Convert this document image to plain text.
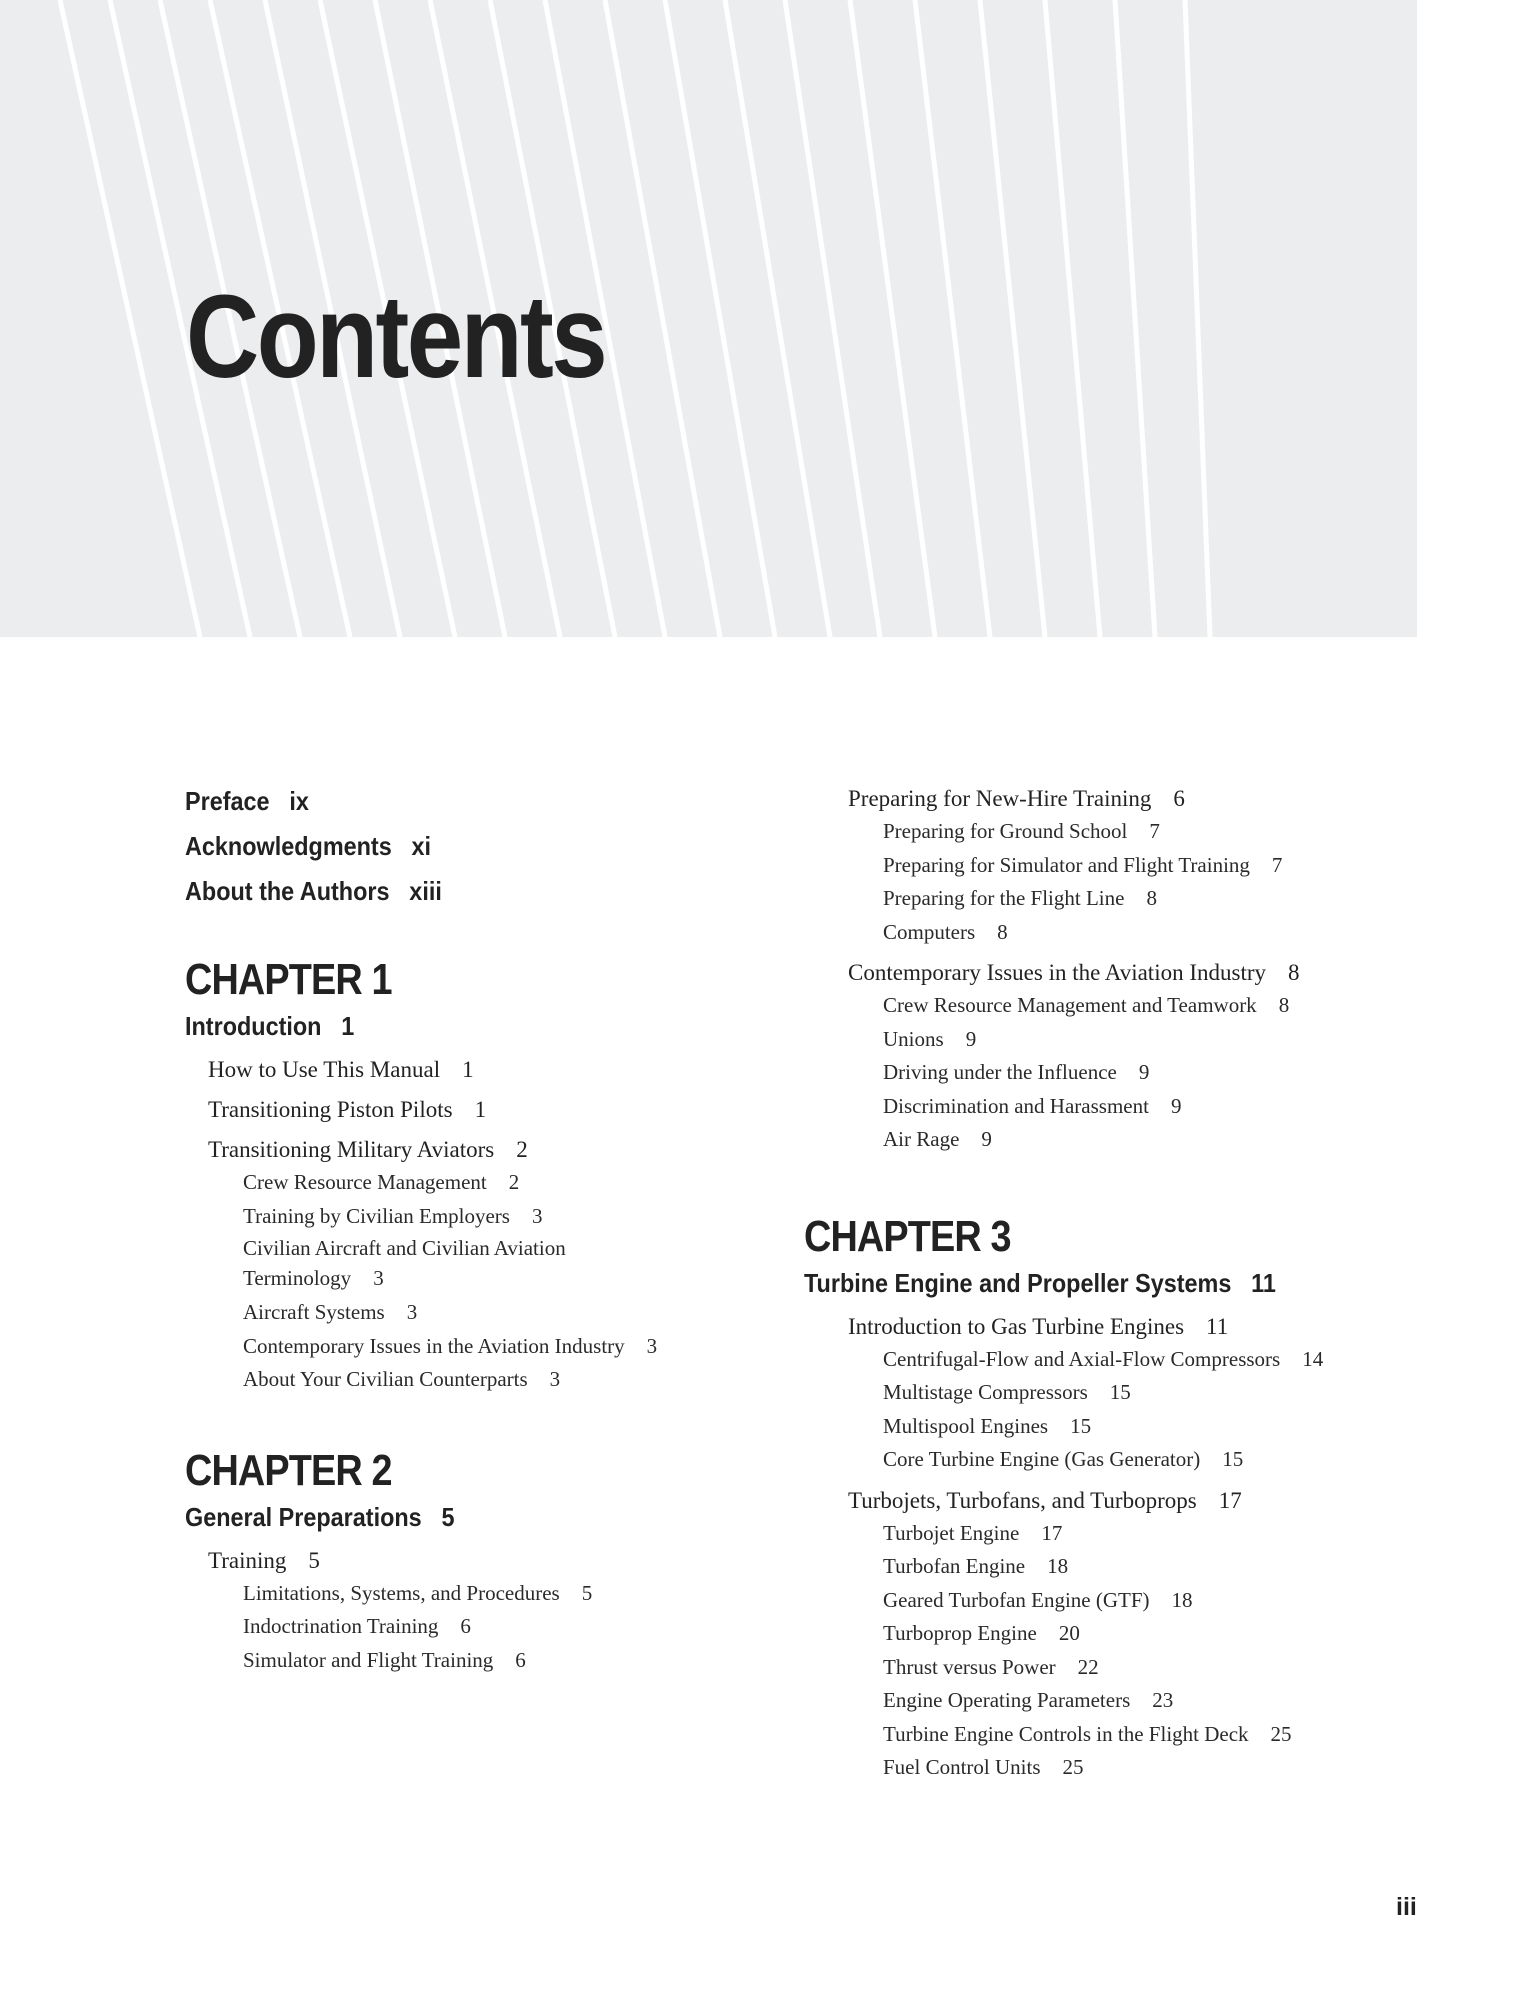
Contents
Preface ix
Acknowledgments xi
About the Authors xiii
CHAPTER 1
Introduction 1
How to Use This Manual 1
Transitioning Piston Pilots 1
Transitioning Military Aviators 2
Crew Resource Management 2
Training by Civilian Employers 3
Civilian Aircraft and Civilian Aviation Terminology 3
Aircraft Systems 3
Contemporary Issues in the Aviation Industry 3
About Your Civilian Counterparts 3
CHAPTER 2
General Preparations 5
Training 5
Limitations, Systems, and Procedures 5
Indoctrination Training 6
Simulator and Flight Training 6
Preparing for New-Hire Training 6
Preparing for Ground School 7
Preparing for Simulator and Flight Training 7
Preparing for the Flight Line 8
Computers 8
Contemporary Issues in the Aviation Industry 8
Crew Resource Management and Teamwork 8
Unions 9
Driving under the Influence 9
Discrimination and Harassment 9
Air Rage 9
CHAPTER 3
Turbine Engine and Propeller Systems 11
Introduction to Gas Turbine Engines 11
Centrifugal-Flow and Axial-Flow Compressors 14
Multistage Compressors 15
Multispool Engines 15
Core Turbine Engine (Gas Generator) 15
Turbojets, Turbofans, and Turboprops 17
Turbojet Engine 17
Turbofan Engine 18
Geared Turbofan Engine (GTF) 18
Turboprop Engine 20
Thrust versus Power 22
Engine Operating Parameters 23
Turbine Engine Controls in the Flight Deck 25
Fuel Control Units 25
iii
